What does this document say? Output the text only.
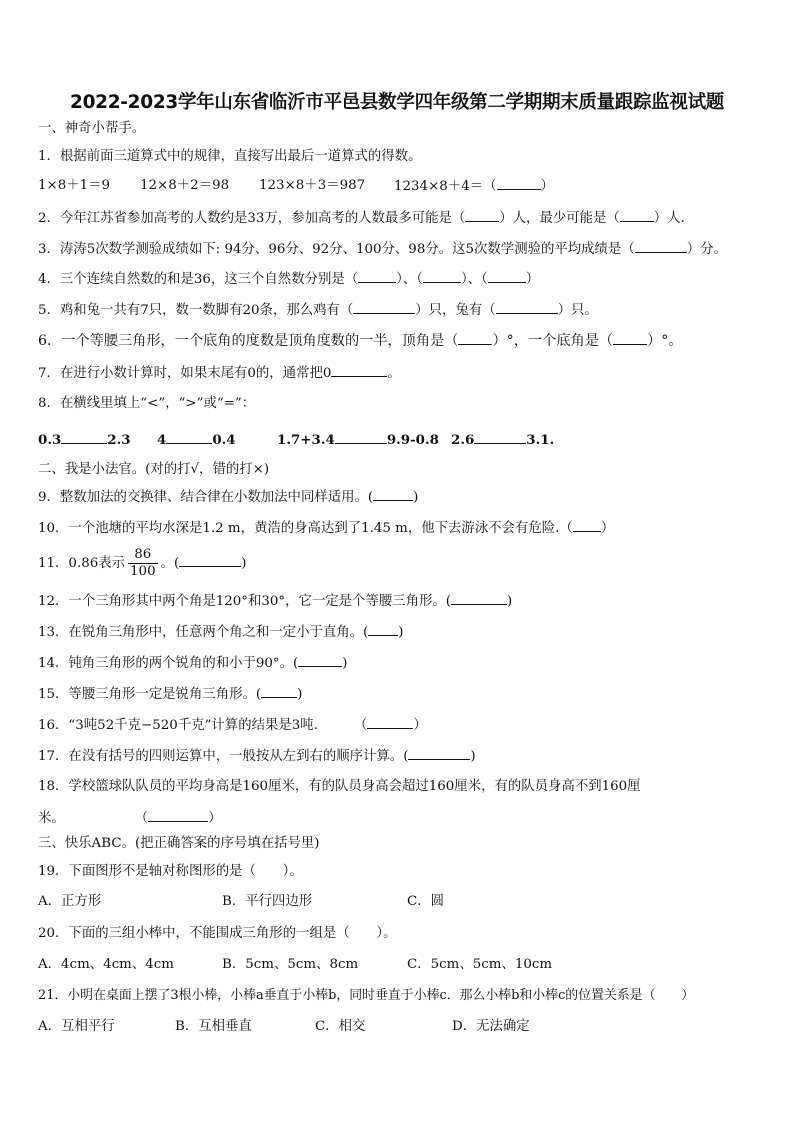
2022-2023学年山东省临沂市平邑县数学四年级第二学期期末质量跟踪监视试题
一、神奇小帮手。
1．根据前面三道算式中的规律，直接写出最后一道算式的得数。
1×8＋1＝9 12×8＋2＝98 123×8＋3＝987 1234×8＋4＝（	）
2．今年江苏省参加高考的人数约是33万，参加高考的人数最多可能是（	）人，最少可能是（	）人．
3．涛涛5次数学测验成绩如下: 94分、96分、92分、100分、98分。这5次数学测验的平均成绩是（	）分。
4．三个连续自然数的和是36，这三个自然数分别是（	）、（	）、（	）
5．鸡和兔一共有7只，数一数脚有20条，那么鸡有（	）只，兔有（	）只。
6．一个等腰三角形，一个底角的度数是顶角度数的一半，顶角是（ ）°，一个底角是（ ）°。
7．在进行小数计算时，如果末尾有0的，通常把0	。
8．在横线里填上“<”，“>”或“=”：
0.3	2.3 4	0.4	1.7+3.4	9.9-0.8 2.6	3.1.
二、我是小法官。(对的打√，错的打×)
9．整数加法的交换律、结合律在小数加法中同样适用。(	)
10．一个池塘的平均水深是1.2 m，黄浩的身高达到了1.45 m，他下去游泳不会有危险.（ ）
11．0.86表示 $\frac{86}{100}$ 。(	)
12．一个三角形其中两个角是120°和30°，它一定是个等腰三角形。(	)
13．在锐角三角形中，任意两个角之和一定小于直角。( )
14．钝角三角形的两个锐角的和小于90°。(	)
15．等腰三角形一定是锐角三角形。(	)
16．“3吨52千克−520千克”计算的结果是3吨.	（	）
17．在没有括号的四则运算中，一般按从左到右的顺序计算。(	)
18．学校篮球队队员的平均身高是160厘米，有的队员身高会超过160厘米，有的队员身高不到160厘
米。	（	）
三、快乐ABC。(把正确答案的序号填在括号里)
19．下面图形不是轴对称图形的是（　　）。
A．正方形	B．平行四边形	C．圆
20．下面的三组小棒中，不能围成三角形的一组是（　　）。
A．4cm、4cm、4cm	B．5cm、5cm、8cm	C．5cm、5cm、10cm
21．小明在桌面上摆了3根小棒，小棒a垂直于小棒b，同时垂直于小棒c．那么小棒b和小棒c的位置关系是（　　）
A．互相平行	B．互相垂直	C．相交	D．无法确定
